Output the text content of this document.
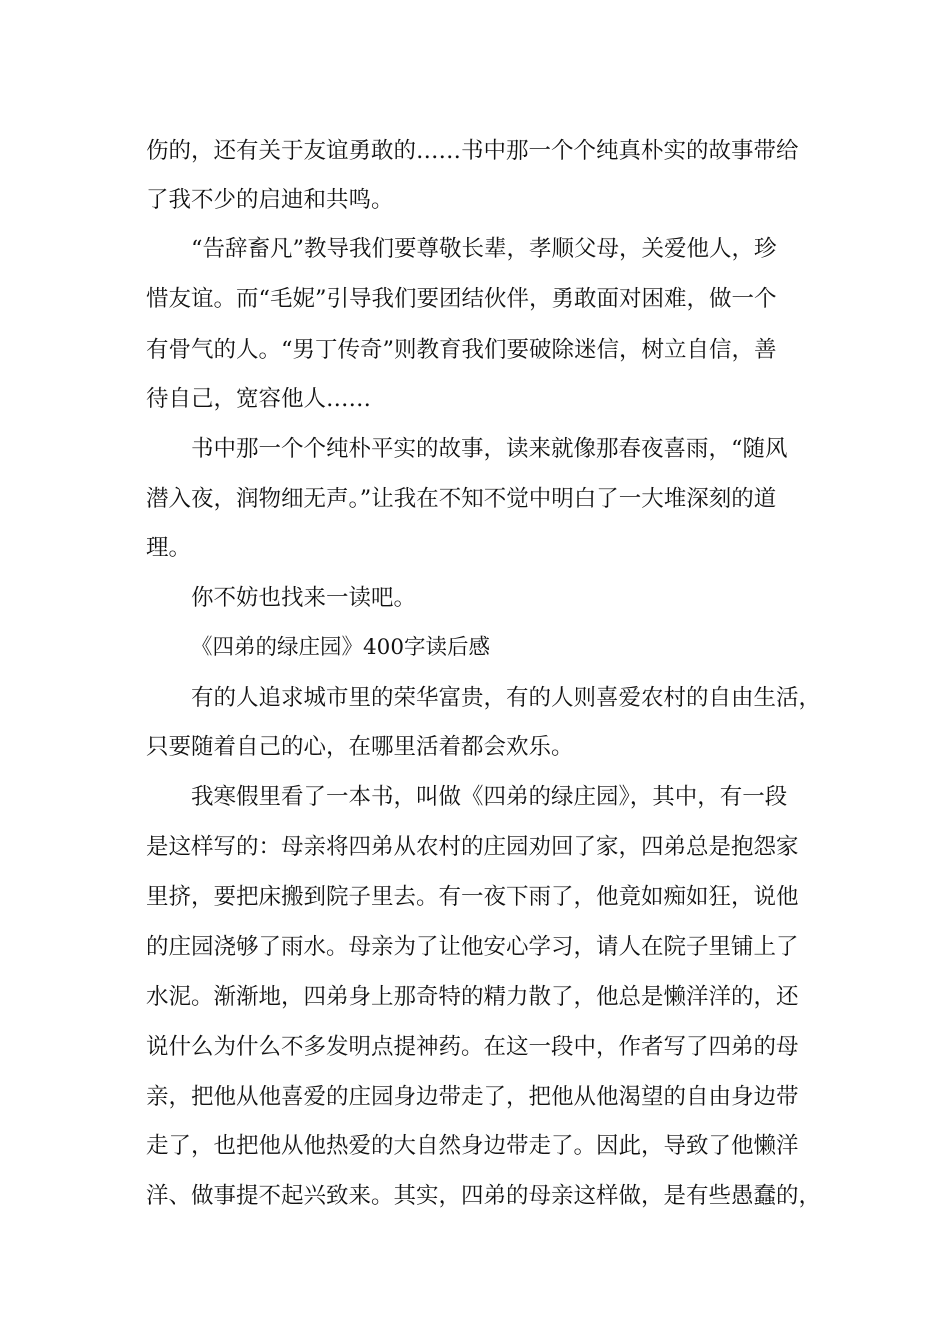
伤的，还有关于友谊勇敢的……书中那一个个纯真朴实的故事带给

了我不少的启迪和共鸣。

“告辞畜凡”教导我们要尊敬长辈，孝顺父母，关爱他人，珍

惜友谊。而“毛妮”引导我们要团结伙伴，勇敢面对困难，做一个

有骨气的人。“男丁传奇”则教育我们要破除迷信，树立自信，善

待自己，宽容他人……

书中那一个个纯朴平实的故事，读来就像那春夜喜雨，“随风

潜入夜，润物细无声。”让我在不知不觉中明白了一大堆深刻的道

理。

你不妨也找来一读吧。

《四弟的绿庄园》400字读后感

有的人追求城市里的荣华富贵，有的人则喜爱农村的自由生活，

只要随着自己的心，在哪里活着都会欢乐。

我寒假里看了一本书，叫做《四弟的绿庄园》，其中，有一段

是这样写的：母亲将四弟从农村的庄园劝回了家，四弟总是抱怨家

里挤，要把床搬到院子里去。有一夜下雨了，他竟如痴如狂，说他

的庄园浇够了雨水。母亲为了让他安心学习，请人在院子里铺上了

水泥。渐渐地，四弟身上那奇特的精力散了，他总是懒洋洋的，还

说什么为什么不多发明点提神药。在这一段中，作者写了四弟的母

亲，把他从他喜爱的庄园身边带走了，把他从他渴望的自由身边带

走了，也把他从他热爱的大自然身边带走了。因此，导致了他懒洋

洋、做事提不起兴致来。其实，四弟的母亲这样做，是有些愚蠢的，
